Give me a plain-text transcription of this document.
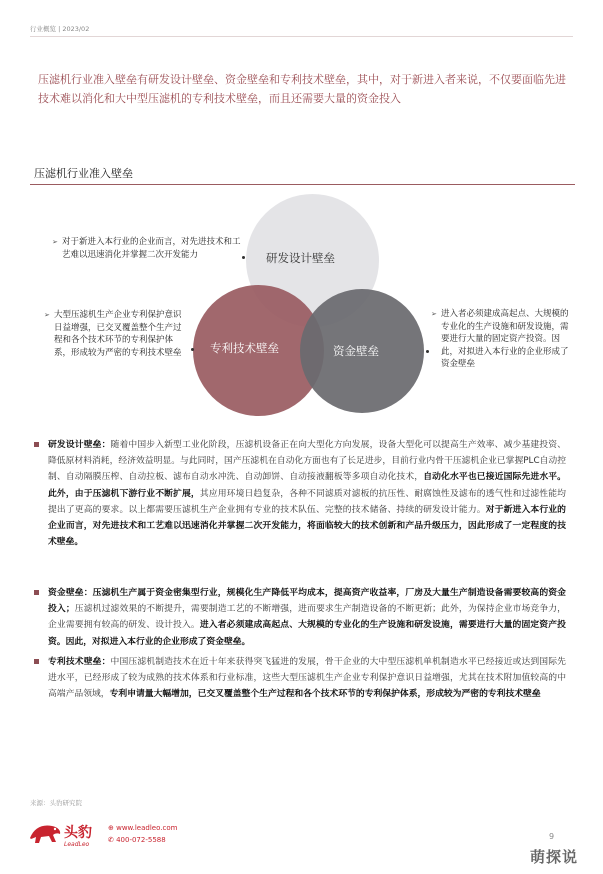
行业概览 | 2023/02
压滤机行业准入壁垒有研发设计壁垒、资金壁垒和专利技术壁垒，其中，对于新进入者来说，不仅要面临先进技术难以消化和大中型压滤机的专利技术壁垒，而且还需要大量的资金投入
压滤机行业准入壁垒
研发设计壁垒
专利技术壁垒	资金壁垒
➢ 对于新进入本行业的企业而言，对先进技术和工艺难以迅速消化并掌握二次开发能力
➢ 大型压滤机生产企业专利保护意识日益增强，已交叉覆盖整个生产过程和各个技术环节的专利保护体系，形成较为严密的专利技术壁垒
➢ 进入者必须建成高起点、大规模的专业化的生产设施和研发设施，需要进行大量的固定资产投资。因此，对拟进入本行业的企业形成了资金壁垒
研发设计壁垒：随着中国步入新型工业化阶段，压滤机设备正在向大型化方向发展，设备大型化可以提高生产效率、减少基建投资、降低原材料消耗，经济效益明显。与此同时，国产压滤机在自动化方面也有了长足进步，目前行业内骨干压滤机企业已掌握PLC自动控制、自动隔膜压榨、自动拉板、滤布自动水冲洗、自动卸饼、自动接液翻板等多项自动化技术，自动化水平也已接近国际先进水平。此外，由于压滤机下游行业不断扩展，其应用环境日趋复杂，各种不同滤质对滤板的抗压性、耐腐蚀性及滤布的透气性和过滤性能均提出了更高的要求。以上都需要压滤机生产企业拥有专业的技术队伍、完整的技术储备、持续的研发设计能力。对于新进入本行业的企业而言，对先进技术和工艺难以迅速消化并掌握二次开发能力，将面临较大的技术创新和产品升级压力，因此形成了一定程度的技术壁垒。
资金壁垒：压滤机生产属于资金密集型行业，规模化生产降低平均成本，提高资产收益率，厂房及大量生产制造设备需要较高的资金投入；压滤机过滤效果的不断提升，需要制造工艺的不断增强，进而要求生产制造设备的不断更新；此外，为保持企业市场竞争力，企业需要拥有较高的研发、设计投入。进入者必须建成高起点、大规模的专业化的生产设施和研发设施，需要进行大量的固定资产投资。因此，对拟进入本行业的企业形成了资金壁垒。
专利技术壁垒：中国压滤机制造技术在近十年来获得突飞猛进的发展，骨干企业的大中型压滤机单机制造水平已经接近或达到国际先进水平，已经形成了较为成熟的技术体系和行业标准，这些大型压滤机生产企业专利保护意识日益增强，尤其在技术附加值较高的中高端产品领域，专利申请量大幅增加，已交叉覆盖整个生产过程和各个技术环节的专利保护体系，形成较为严密的专利技术壁垒
来源：头豹研究院
头豹
LeadLeo
⊕ www.leadleo.com
✆ 400-072-5588	9
萌探说
